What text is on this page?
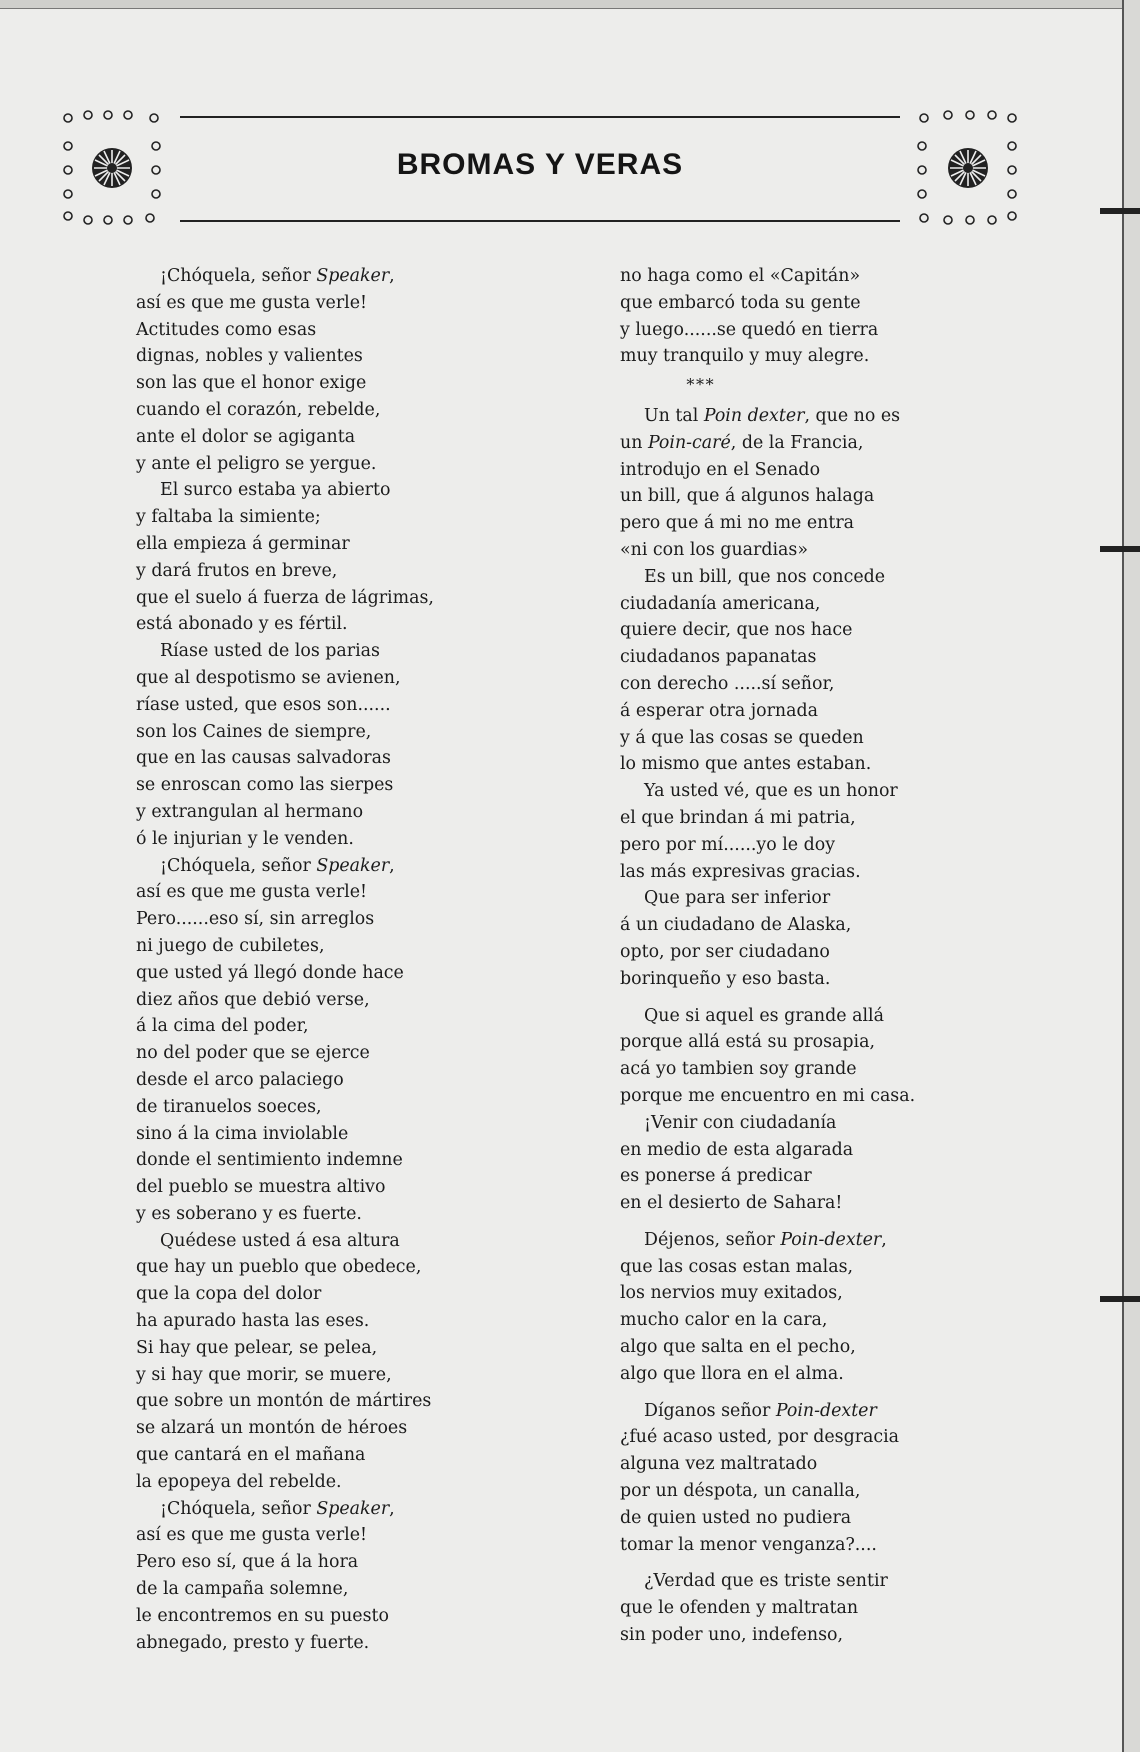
BROMAS Y VERAS
¡Chóquela, señor Speaker,
así es que me gusta verle!
Actitudes como esas
dignas, nobles y valientes
son las que el honor exige
cuando el corazón, rebelde,
ante el dolor se agiganta
y ante el peligro se yergue.
El surco estaba ya abierto
y faltaba la simiente;
ella empieza á germinar
y dará frutos en breve,
que el suelo á fuerza de lágrimas,
está abonado y es fértil.
Ríase usted de los parias
que al despotismo se avienen,
ríase usted, que esos son......
son los Caines de siempre,
que en las causas salvadoras
se enroscan como las sierpes
y extrangulan al hermano
ó le injurian y le venden.
¡Chóquela, señor Speaker,
así es que me gusta verle!
Pero......eso sí, sin arreglos
ni juego de cubiletes,
que usted yá llegó donde hace
diez años que debió verse,
á la cima del poder,
no del poder que se ejerce
desde el arco palaciego
de tiranuelos soeces,
sino á la cima inviolable
donde el sentimiento indemne
del pueblo se muestra altivo
y es soberano y es fuerte.
Quédese usted á esa altura
que hay un pueblo que obedece,
que la copa del dolor
ha apurado hasta las eses.
Si hay que pelear, se pelea,
y si hay que morir, se muere,
que sobre un montón de mártires
se alzará un montón de héroes
que cantará en el mañana
la epopeya del rebelde.
¡Chóquela, señor Speaker,
así es que me gusta verle!
Pero eso sí, que á la hora
de la campaña solemne,
le encontremos en su puesto
abnegado, presto y fuerte.
no haga como el «Capitán»
que embarcó toda su gente
y luego......se quedó en tierra
muy tranquilo y muy alegre.
* * *
Un tal Poin dexter, que no es
un Poin-caré, de la Francia,
introdujo en el Senado
un bill, que á algunos halaga
pero que á mi no me entra
«ni con los guardias»
Es un bill, que nos concede
ciudadanía americana,
quiere decir, que nos hace
ciudadanos papanatas
con derecho .....sí señor,
á esperar otra jornada
y á que las cosas se queden
lo mismo que antes estaban.
Ya usted vé, que es un honor
el que brindan á mi patria,
pero por mí......yo le doy
las más expresivas gracias.
Que para ser inferior
á un ciudadano de Alaska,
opto, por ser ciudadano
borinqueño y eso basta.
Que si aquel es grande allá
porque allá está su prosapia,
acá yo tambien soy grande
porque me encuentro en mi casa.
¡Venir con ciudadanía
en medio de esta algarada
es ponerse á predicar
en el desierto de Sahara!
Déjenos, señor Poin-dexter,
que las cosas estan malas,
los nervios muy exitados,
mucho calor en la cara,
algo que salta en el pecho,
algo que llora en el alma.
Díganos señor Poin-dexter
¿fué acaso usted, por desgracia
alguna vez maltratado
por un déspota, un canalla,
de quien usted no pudiera
tomar la menor venganza?....
¿Verdad que es triste sentir
que le ofenden y maltratan
sin poder uno, indefenso,
